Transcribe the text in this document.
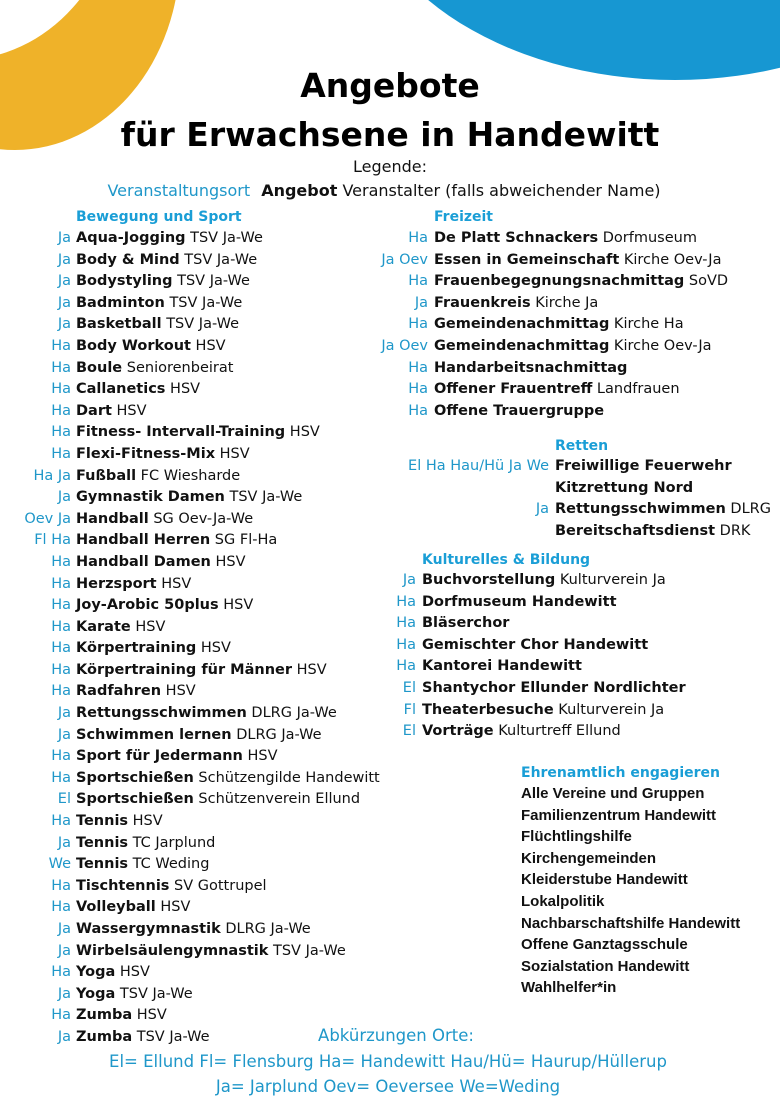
Angebote
für Erwachsene in Handewitt
Legende:
Veranstaltungsort Angebot Veranstalter (falls abweichender Name)
Bewegung und Sport
Ja Aqua-Jogging TSV Ja-We
Ja Body & Mind TSV Ja-We
Ja Bodystyling TSV Ja-We
Ja Badminton TSV Ja-We
Ja Basketball TSV Ja-We
Ha Body Workout HSV
Ha Boule Seniorenbeirat
Ha Callanetics HSV
Ha Dart HSV
Ha Fitness- Intervall-Training HSV
Ha Flexi-Fitness-Mix HSV
Ha Ja Fußball FC Wiesharde
Ja Gymnastik Damen TSV Ja-We
Oev Ja Handball SG Oev-Ja-We
Fl Ha Handball Herren SG Fl-Ha
Ha Handball Damen HSV
Ha Herzsport HSV
Ha Joy-Arobic 50plus HSV
Ha Karate HSV
Ha Körpertraining HSV
Ha Körpertraining für Männer HSV
Ha Radfahren HSV
Ja Rettungsschwimmen DLRG Ja-We
Ja Schwimmen lernen DLRG Ja-We
Ha Sport für Jedermann HSV
Ha Sportschießen Schützengilde Handewitt
El Sportschießen Schützenverein Ellund
Ha Tennis HSV
Ja Tennis TC Jarplund
We Tennis TC Weding
Ha Tischtennis SV Gottrupel
Ha Volleyball HSV
Ja Wassergymnastik DLRG Ja-We
Ja Wirbelsäulengymnastik TSV Ja-We
Ha Yoga HSV
Ja Yoga TSV Ja-We
Ha Zumba HSV
Ja Zumba TSV Ja-We
Freizeit
Ha De Platt Schnackers Dorfmuseum
Ja Oev Essen in Gemeinschaft Kirche Oev-Ja
Ha Frauenbegegnungsnachmittag SoVD
Ja Frauenkreis Kirche Ja
Ha Gemeindenachmittag Kirche Ha
Ja Oev Gemeindenachmittag Kirche Oev-Ja
Ha Handarbeitsnachmittag
Ha Offener Frauentreff Landfrauen
Ha Offene Trauergruppe
Retten
El Ha Hau/Hü Ja We Freiwillige Feuerwehr
Kitzrettung Nord
Ja Rettungsschwimmen DLRG
Bereitschaftsdienst DRK
Kulturelles & Bildung
Ja Buchvorstellung Kulturverein Ja
Ha Dorfmuseum Handewitt
Ha Bläserchor
Ha Gemischter Chor Handewitt
Ha Kantorei Handewitt
El Shantychor Ellunder Nordlichter
Fl Theaterbesuche Kulturverein Ja
El Vorträge Kulturtreff Ellund
Ehrenamtlich engagieren
Alle Vereine und Gruppen
Familienzentrum Handewitt
Flüchtlingshilfe
Kirchengemeinden
Kleiderstube Handewitt
Lokalpolitik
Nachbarschaftshilfe Handewitt
Offene Ganztagsschule
Sozialstation Handewitt
Wahlhelfer*in
Abkürzungen Orte:
El= Ellund Fl= Flensburg Ha= Handewitt Hau/Hü= Haurup/Hüllerup
Ja= Jarplund Oev= Oeversee We=Weding
